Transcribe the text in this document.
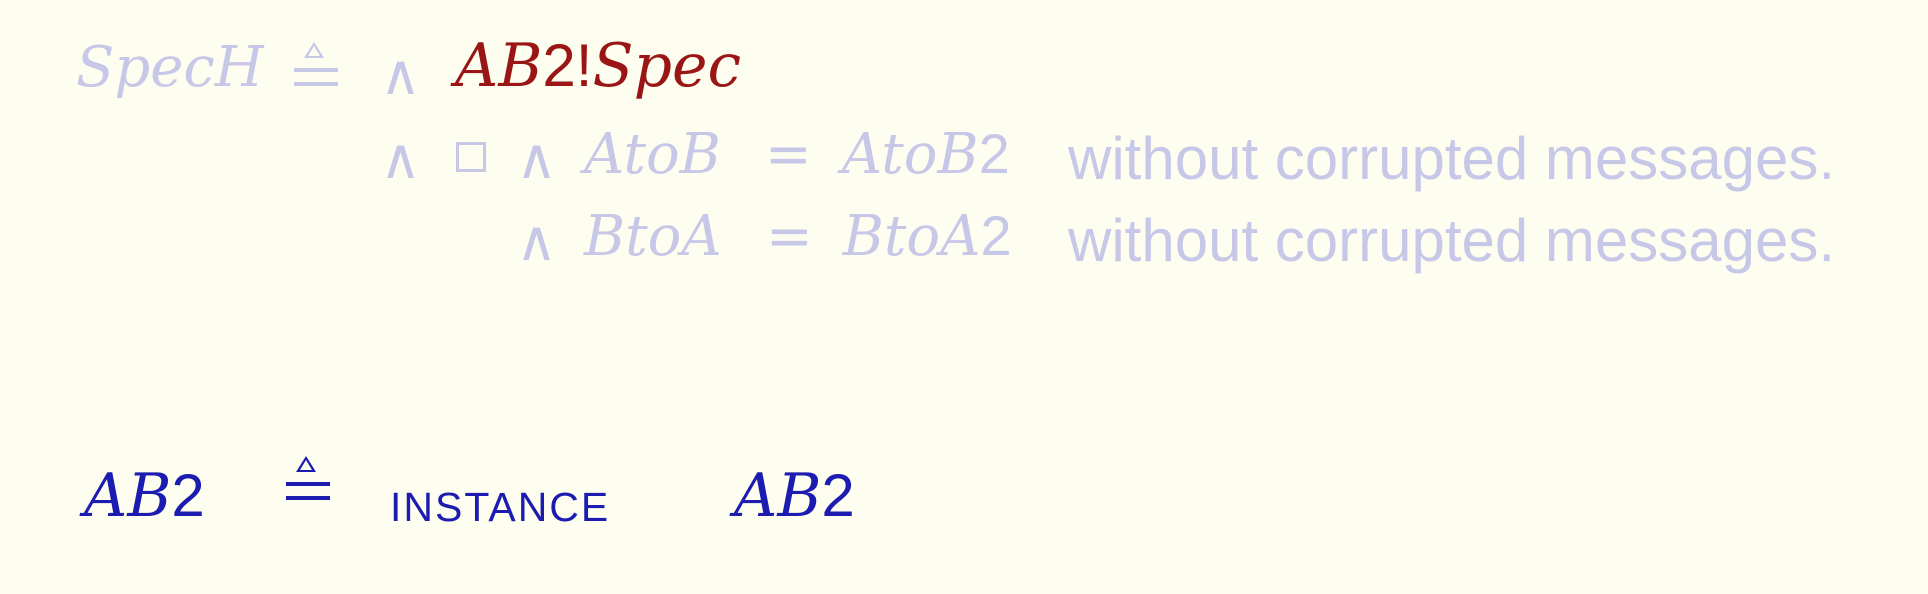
SpecH ∧ AB2!Spec
∧ ∧ AtoB = AtoB2 without corrupted messages.
∧ BtoA = BtoA2 without corrupted messages.
AB2	instance AB2
